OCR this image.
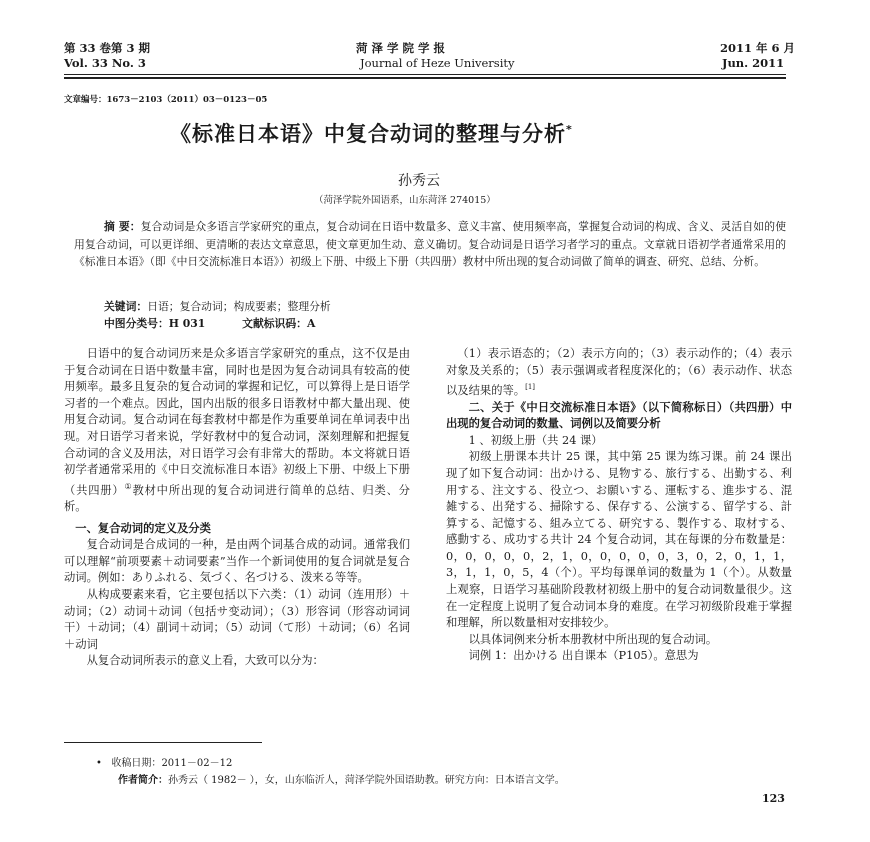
第 33 卷第 3 期
Vol. 33 No. 3
菏 泽 学 院 学 报
Journal of Heze University
2011 年 6 月
Jun. 2011
文章编号：1673－2103（2011）03－0123－05
《标准日本语》中复合动词的整理与分析*
孙秀云
（菏泽学院外国语系，山东菏泽 274015）
摘 要：复合动词是众多语言学家研究的重点，复合动词在日语中数量多、意义丰富、使用频率高，掌握复合动词的构成、含义、灵活自如的使用复合动词，可以更详细、更清晰的表达文章意思，使文章更加生动、意义确切。复合动词是日语学习者学习的重点。文章就日语初学者通常采用的《标准日本语》（即《中日交流标准日本语》）初级上下册、中级上下册（共四册）教材中所出现的复合动词做了简单的调查、研究、总结、分析。
关键词：日语；复合动词；构成要素；整理分析
中图分类号：H 031	文献标识码：A

日语中的复合动词历来是众多语言学家研究的重点，这不仅是由于复合动词在日语中数量丰富，同时也是因为复合动词具有较高的使用频率。最多且复杂的复合动词的掌握和记忆，可以算得上是日语学习者的一个难点。因此，国内出版的很多日语教材中都大量出现、使用复合动词。复合动词在每套教材中都是作为重要单词在单词表中出现。对日语学习者来说，学好教材中的复合动词，深刻理解和把握复合动词的含义及用法，对日语学习会有非常大的帮助。本文将就日语初学者通常采用的《中日交流标准日本语》初级上下册、中级上下册（共四册）①教材中所出现的复合动词进行简单的总结、归类、分析。

一、复合动词的定义及分类

复合动词是合成词的一种，是由两个词基合成的动词。通常我们可以理解“前项要素＋动词要素”当作一个新词使用的复合词就是复合动词。例如：ありふれる、気づく、名づける、泼来る等等。

从构成要素来看，它主要包括以下六类：（1）动词（连用形）＋动词；（2）动词＋动词（包括サ变动词）；（3）形容词（形容动词词干）＋动词；（4）副词＋动词；（5）动词（て形）＋动词；（6）名词＋动词

从复合动词所表示的意义上看，大致可以分为：

（1）表示语态的；（2）表示方向的；（3）表示动作的；（4）表示对象及关系的；（5）表示强调或者程度深化的；（6）表示动作、状态以及结果的等。[1]

二、关于《中日交流标准日本语》（以下简称标日）（共四册）中出现的复合动词的数量、词例以及简要分析

1 、初级上册（共 24 课）

初级上册课本共计 25 课，其中第 25 课为练习课。前 24 课出现了如下复合动词：出かける、見物する、旅行する、出勤する、利用する、注文する、役立つ、お願いする、運転する、進歩する、混雑する、出発する、掃除する、保存する、公演する、留学する、計算する、記憶する、組み立てる、研究する、製作する、取材する、感動する、成功する共计 24 个复合动词，其在每课的分布数量是：0，0，0，0，0，2，1，0，0，0，0，0，3，0，2，0，1，1，3，1，1，0，5，4（个）。平均每课单词的数量为 1（个）。从数量上观察，日语学习基础阶段教材初级上册中的复合动词数量很少。这在一定程度上说明了复合动词本身的难度。在学习初级阶段难于掌握和理解，所以数量相对安排较少。

以具体词例来分析本册教材中所出现的复合动词。

词例 1：出かける 出自课本（P105）。意思为

•   收稿日期：2011－02－12
作者简介：孙秀云（ 1982－ ），女，山东临沂人，菏泽学院外国语助教。研究方向：日本语言文学。
123
